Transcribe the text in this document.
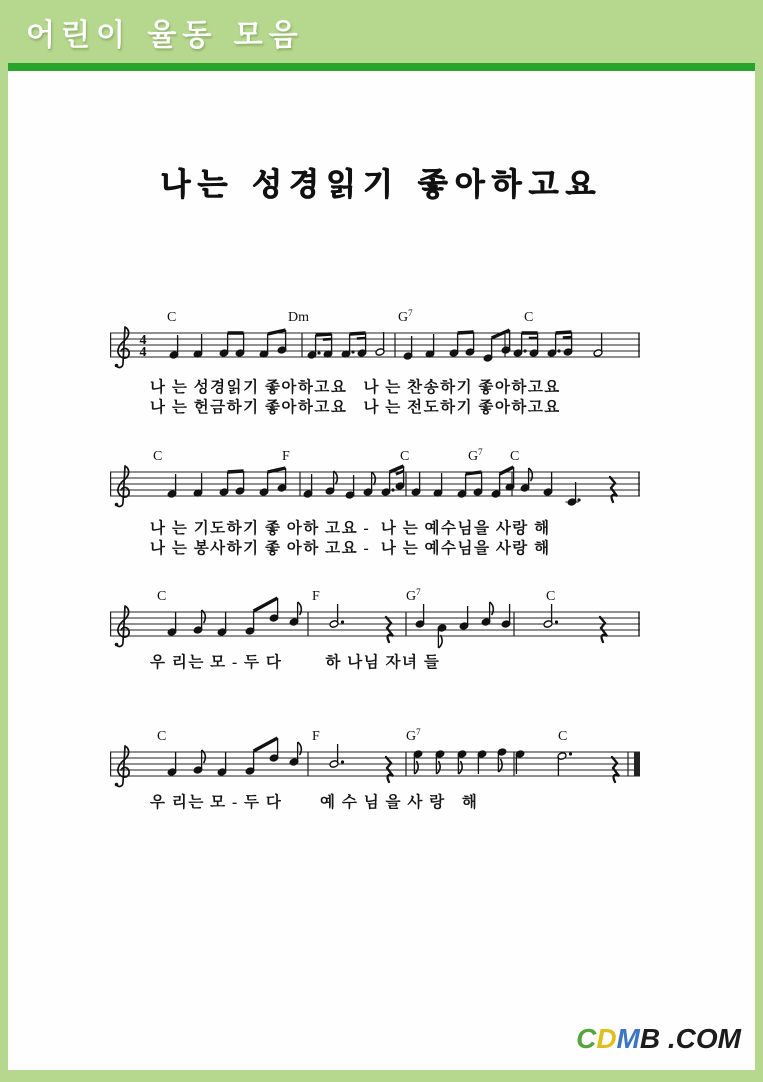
어린이 율동 모음
나는 성경읽기 좋아하고요
4
4
C	Dm	$G^7$	C
C	F	C	$G^7$ C
C	F	$G^7$	C
C	F	$G^7$	C
나 는 성경읽기 좋아하고요   나 는 찬송하기 좋아하고요
나 는 헌금하기 좋아하고요   나 는 전도하기 좋아하고요
나 는 기도하기 좋 아하 고요 -  나 는 예수님을 사랑 해
나 는 봉사하기 좋 아하 고요 -  나 는 예수님을 사랑 해
우 리는 모 - 두 다        하 나님 자녀 들
우 리는 모 - 두 다       예 수 님 을 사 랑   해
CDMB .COM
